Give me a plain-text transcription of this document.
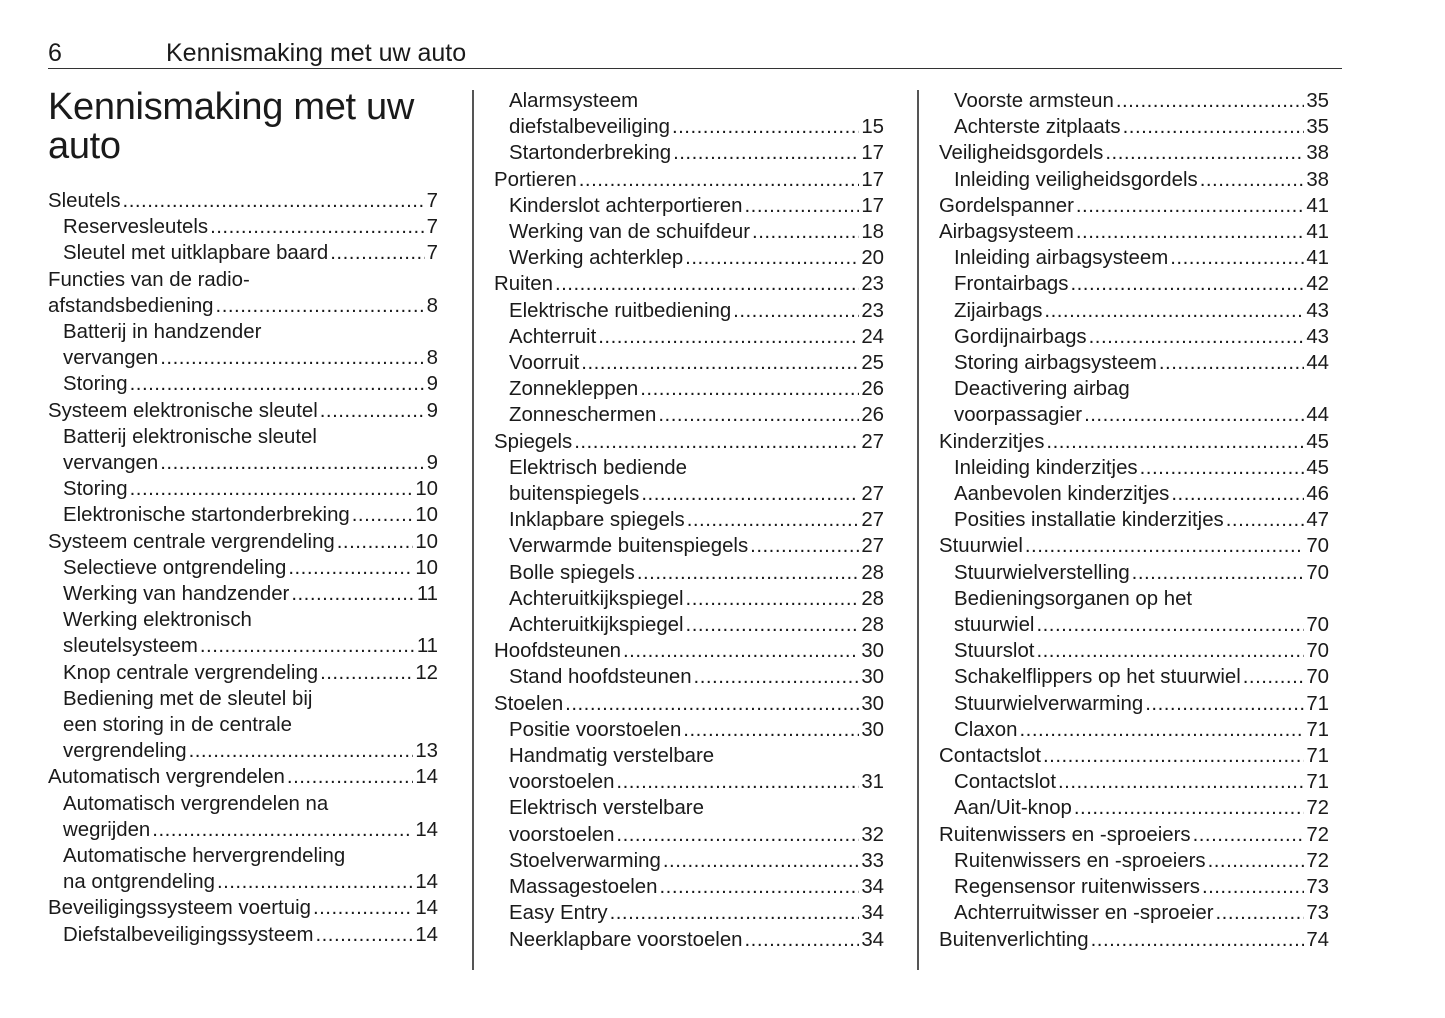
6	Kennismaking met uw auto
Kennismaking met uw
auto
Sleutels .....	7
Reservesleutels .....	7
Sleutel met uitklapbare baard .....	7
Functies van de radio-
afstandsbediening .....	8
Batterij in handzender
vervangen .....	8
Storing .....	9
Systeem elektronische sleutel .....	9
Batterij elektronische sleutel
vervangen .....	9
Storing .....	10
Elektronische startonderbreking .....	10
Systeem centrale vergrendeling .....	10
Selectieve ontgrendeling .....	10
Werking van handzender .....	11
Werking elektronisch
sleutelsysteem .....	11
Knop centrale vergrendeling .....	12
Bediening met de sleutel bij
een storing in de centrale
vergrendeling .....	13
Automatisch vergrendelen .....	14
Automatisch vergrendelen na
wegrijden .....	14
Automatische hervergrendeling
na ontgrendeling .....	14
Beveiligingssysteem voertuig .....	14
Diefstalbeveiligingssysteem .....	14
Alarmsysteem
diefstalbeveiliging .....	15
Startonderbreking .....	17
Portieren .....	17
Kinderslot achterportieren .....	17
Werking van de schuifdeur .....	18
Werking achterklep .....	20
Ruiten .....	23
Elektrische ruitbediening .....	23
Achterruit .....	24
Voorruit .....	25
Zonnekleppen .....	26
Zonneschermen .....	26
Spiegels .....	27
Elektrisch bediende
buitenspiegels .....	27
Inklapbare spiegels .....	27
Verwarmde buitenspiegels .....	27
Bolle spiegels .....	28
Achteruitkijkspiegel .....	28
Achteruitkijkspiegel .....	28
Hoofdsteunen .....	30
Stand hoofdsteunen .....	30
Stoelen .....	30
Positie voorstoelen .....	30
Handmatig verstelbare
voorstoelen .....	31
Elektrisch verstelbare
voorstoelen .....	32
Stoelverwarming .....	33
Massagestoelen .....	34
Easy Entry .....	34
Neerklapbare voorstoelen .....	34
Voorste armsteun .....	35
Achterste zitplaats .....	35
Veiligheidsgordels .....	38
Inleiding veiligheidsgordels .....	38
Gordelspanner .....	41
Airbagsysteem .....	41
Inleiding airbagsysteem .....	41
Frontairbags .....	42
Zijairbags .....	43
Gordijnairbags .....	43
Storing airbagsysteem .....	44
Deactivering airbag
voorpassagier .....	44
Kinderzitjes .....	45
Inleiding kinderzitjes .....	45
Aanbevolen kinderzitjes .....	46
Posities installatie kinderzitjes .....	47
Stuurwiel .....	70
Stuurwielverstelling .....	70
Bedieningsorganen op het
stuurwiel .....	70
Stuurslot .....	70
Schakelflippers op het stuurwiel .....	70
Stuurwielverwarming .....	71
Claxon .....	71
Contactslot .....	71
Contactslot .....	71
Aan/Uit-knop .....	72
Ruitenwissers en -sproeiers .....	72
Ruitenwissers en -sproeiers .....	72
Regensensor ruitenwissers .....	73
Achterruitwisser en -sproeier .....	73
Buitenverlichting .....	74
